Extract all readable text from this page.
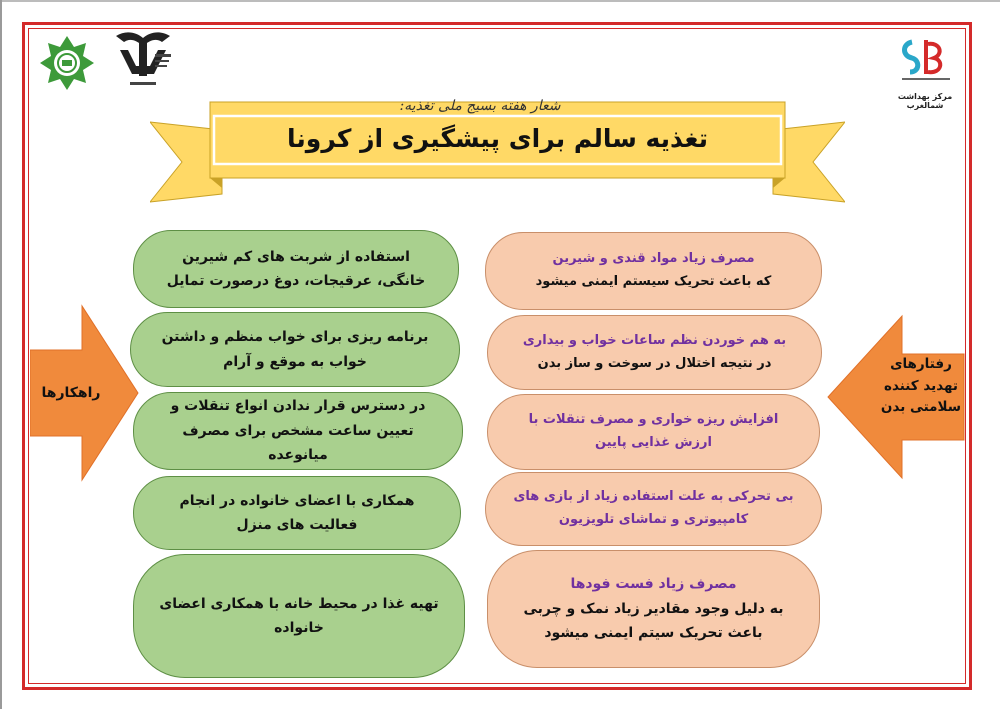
مرکز بهداشت شمالغرب
شعار هفته بسیج ملی تغذیه:
تغذیه سالم برای پیشگیری از کرونا
راهکارها
رفتارهای تهدید کننده سلامتی بدن
استفاده از شربت های کم شیرین خانگی، عرقیجات، دوغ درصورت تمایل
برنامه ریزی برای خواب منظم و داشتن خواب به موقع و آرام
در دسترس قرار ندادن انواع تنقلات و تعیین ساعت مشخص برای مصرف میانوعده
همکاری با اعضای خانواده در انجام فعالیت های منزل
تهیه غذا در محیط خانه با همکاری اعضای خانواده
مصرف زیاد مواد قندی و شیرین
که باعث تحریک سیستم ایمنی میشود
به هم خوردن نظم ساعات خواب و بیداری
در نتیجه اختلال در سوخت و ساز بدن
افزایش ریزه خواری و مصرف تنقلات با ارزش غذایی پایین
بی تحرکی به علت استفاده زیاد از بازی های کامپیوتری و تماشای تلویزیون
مصرف زیاد فست فودها
به دلیل وجود مقادیر زیاد نمک و چربی باعث تحریک سیتم ایمنی میشود
